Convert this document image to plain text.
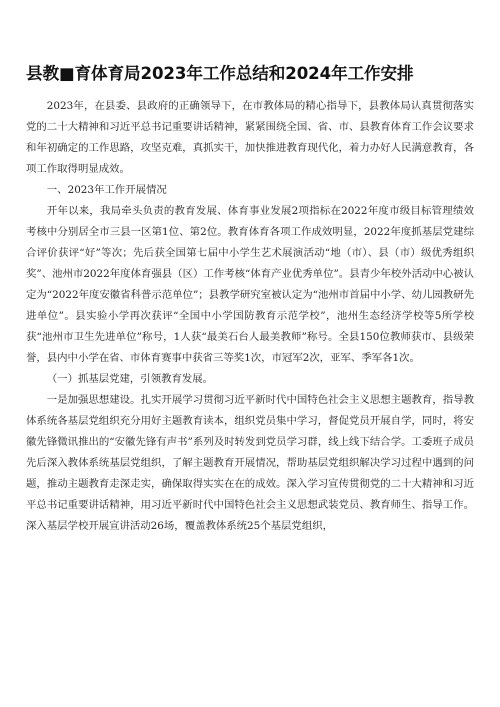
县教■育体育局2023年工作总结和2024年工作安排

2023年，在县委、县政府的正确领导下，在市教体局的精心指导下，县教体局认真贯彻落实党的二十大精神和习近平总书记重要讲话精神，紧紧围绕全国、省、市、县教育体育工作会议要求和年初确定的工作思路，攻坚克难，真抓实干，加快推进教育现代化，着力办好人民满意教育，各项工作取得明显成效。

一、2023年工作开展情况

开年以来，我局牵头负责的教育发展、体育事业发展2项指标在2022年度市级目标管理绩效考核中分别居全市三县一区第1位、第2位。教育体育各项工作成效明显，2022年度抓基层党建综合评价获评“好”等次；先后获全国第七届中小学生艺术展演活动“地（市）、县（市）级优秀组织奖”、池州市2022年度体育强县（区）工作考核“体育产业优秀单位”。县青少年校外活动中心被认定为“2022年度安徽省科普示范单位”；县教学研究室被认定为“池州市首届中小学、幼儿园教研先进单位”。县实验小学再次获评“全国中小学国防教育示范学校”，池州生态经济学校等5所学校获“池州市卫生先进单位”称号，1人获“最美石台人最美教师”称号。全县150位教师获市、县级荣誉，县内中小学在省、市体育赛事中获省三等奖1次，市冠军2次，亚军、季军各1次。

（一）抓基层党建，引领教育发展。

一是加强思想建设。扎实开展学习贯彻习近平新时代中国特色社会主义思想主题教育，指导教体系统各基层党组织充分用好主题教育读本，组织党员集中学习，督促党员开展自学，同时，将安徽先锋微讯推出的“安徽先锋有声书”系列及时转发到党员学习群，线上线下结合学。工委班子成员先后深入教体系统基层党组织，了解主题教育开展情况，帮助基层党组织解决学习过程中遇到的问题，推动主题教育走深走实，确保取得实实在在的成效。深入学习宣传贯彻党的二十大精神和习近平总书记重要讲话精神，用习近平新时代中国特色社会主义思想武装党员、教育师生、指导工作。深入基层学校开展宣讲活动26场，覆盖教体系统25个基层党组织，
